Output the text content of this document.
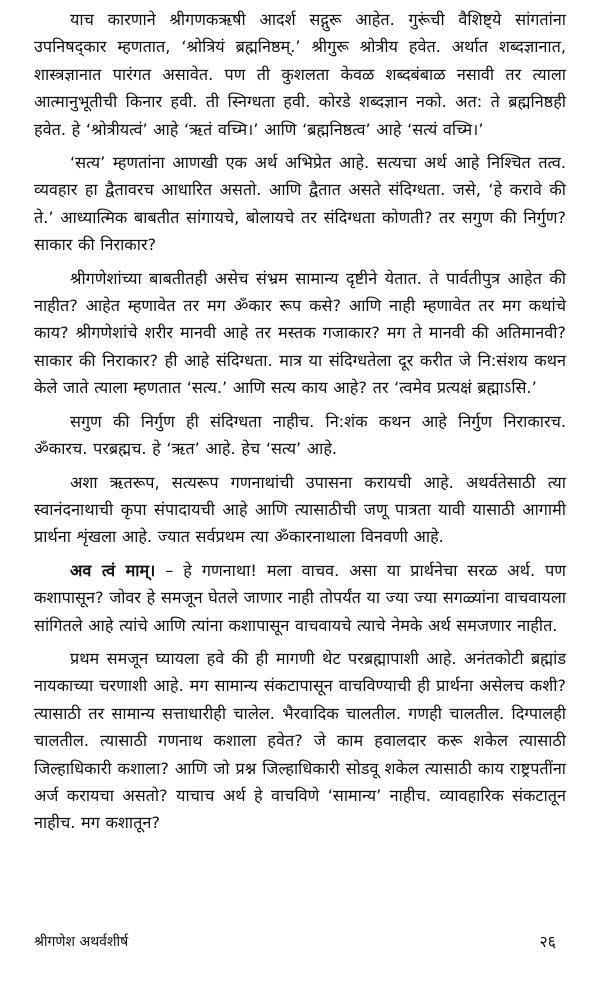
याच कारणाने श्रीगणकऋषी आदर्श सद्गुरू आहेत. गुरूंची वैशिष्ट्ये सांगतांना उपनिषद्कार म्हणतात, ‘श्रोत्रियं ब्रह्मनिष्ठम्.’ श्रीगुरू श्रोत्रीय हवेत. अर्थात शब्दज्ञानात, शास्त्रज्ञानात पारंगत असावेत. पण ती कुशलता केवळ शब्दबंबाळ नसावी तर त्याला आत्मानुभूतीची किनार हवी. ती स्निग्धता हवी. कोरडे शब्दज्ञान नको. अत: ते ब्रह्मनिष्ठही हवेत. हे ‘श्रोत्रीयत्वं’ आहे ‘ऋतं वच्मि।’ आणि ‘ब्रह्मनिष्ठत्व’ आहे ‘सत्यं वच्मि।’

‘सत्य’ म्हणतांना आणखी एक अर्थ अभिप्रेत आहे. सत्यचा अर्थ आहे निश्चित तत्व. व्यवहार हा द्वैतावरच आधारित असतो. आणि द्वैतात असते संदिग्धता. जसे, ‘हे करावे की ते.’ आध्यात्मिक बाबतीत सांगायचे, बोलायचे तर संदिग्धता कोणती? तर सगुण की निर्गुण? साकार की निराकार?

श्रीगणेशांच्या बाबतीतही असेच संभ्रम सामान्य दृष्टीने येतात. ते पार्वतीपुत्र आहेत की नाहीत? आहेत म्हणावेत तर मग ॐकार रूप कसे? आणि नाही म्हणावेत तर मग कथांचे काय? श्रीगणेशांचे शरीर मानवी आहे तर मस्तक गजाकार? मग ते मानवी की अतिमानवी? साकार की निराकार? ही आहे संदिग्धता. मात्र या संदिग्धतेला दूर करीत जे नि:संशय कथन केले जाते त्याला म्हणतात ‘सत्य.’ आणि सत्य काय आहे? तर ‘त्वमेव प्रत्यक्षं ब्रह्माऽसि.’

सगुण की निर्गुण ही संदिग्धता नाहीच. नि:शंक कथन आहे निर्गुण निराकारच. ॐकारच. परब्रह्मच. हे ‘ऋत’ आहे. हेच ‘सत्य’ आहे.

अशा ऋतरूप, सत्यरूप गणनाथांची उपासना करायची आहे. अथर्वतेसाठी त्या स्वानंदनाथाची कृपा संपादायची आहे आणि त्यासाठीची जणू पात्रता यावी यासाठी आगामी प्रार्थना शृंखला आहे. ज्यात सर्वप्रथम त्या ॐकारनाथाला विनवणी आहे.

अव त्वं माम्। – हे गणनाथा! मला वाचव. असा या प्रार्थनेचा सरळ अर्थ. पण कशापासून? जोवर हे समजून घेतले जाणार नाही तोपर्यंत या ज्या ज्या सगळ्यांना वाचवायला सांगितले आहे त्यांचे आणि त्यांना कशापासून वाचवायचे त्याचे नेमके अर्थ समजणार नाहीत.

प्रथम समजून घ्यायला हवे की ही मागणी थेट परब्रह्मापाशी आहे. अनंतकोटी ब्रह्मांड नायकाच्या चरणाशी आहे. मग सामान्य संकटापासून वाचविण्याची ही प्रार्थना असेलच कशी? त्यासाठी तर सामान्य सत्ताधारीही चालेल. भैरवादिक चालतील. गणही चालतील. दिग्पालही चालतील. त्यासाठी गणनाथ कशाला हवेत? जे काम हवालदार करू शकेल त्यासाठी जिल्हाधिकारी कशाला? आणि जो प्रश्न जिल्हाधिकारी सोडवू शकेल त्यासाठी काय राष्ट्रपतींना अर्ज करायचा असतो? याचाच अर्थ हे वाचविणे ‘सामान्य’ नाहीच. व्यावहारिक संकटातून नाहीच. मग कशातून?

श्रीगणेश अथर्वशीर्ष	२६
